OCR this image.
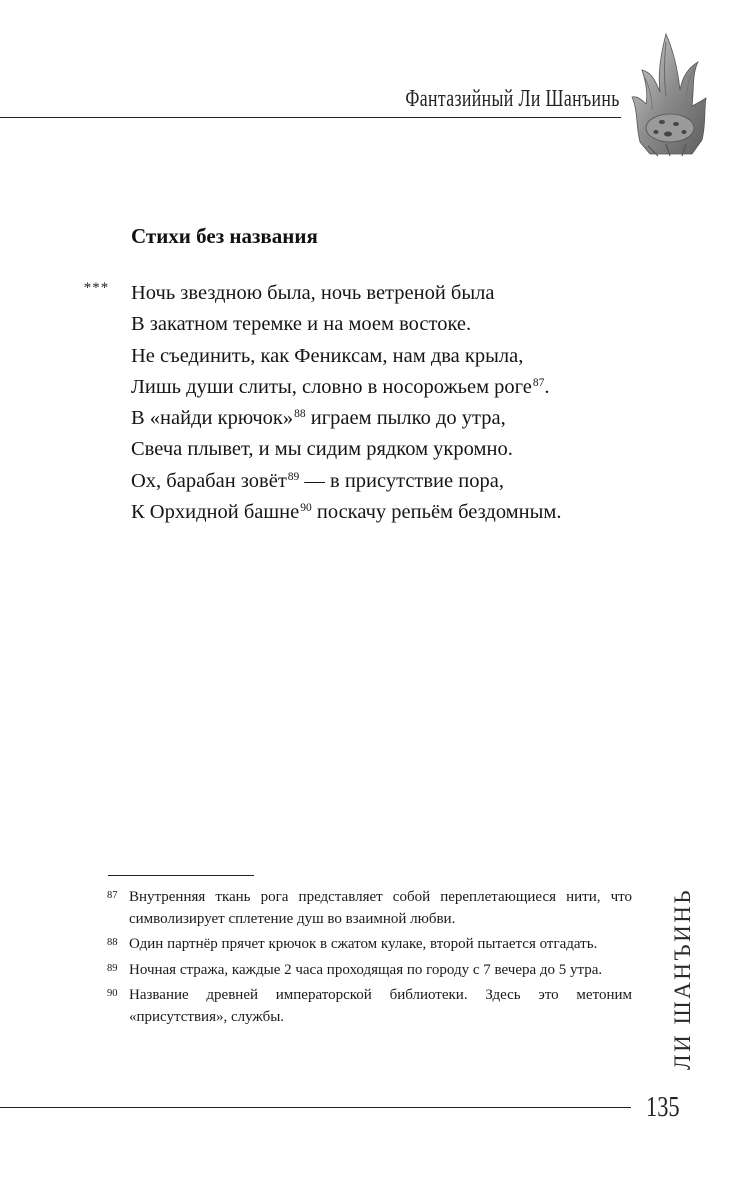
Фантазийный Ли Шанъинь
Стихи без названия
*** Ночь звездною была, ночь ветреной была
В закатном теремке и на моем востоке.
Не съединить, как Фениксам, нам два крыла,
Лишь души слиты, словно в носорожьем роге$^{87}$.
В «найди крючок»$^{88}$ играем пылко до утра,
Свеча плывет, и мы сидим рядком укромно.
Ох, барабан зовёт$^{89}$ — в присутствие пора,
К Орхидной башне$^{90}$ поскачу репьём бездомным.
87 Внутренняя ткань рога представляет собой переплетающиеся нити, что символизирует сплетение душ во взаимной любви.
88 Один партнёр прячет крючок в сжатом кулаке, второй пытается отгадать.
89 Ночная стража, каждые 2 часа проходящая по городу с 7 вечера до 5 утра.
90 Название древней императорской библиотеки. Здесь это метоним «присутствия», службы.	ЛИ ШАНЪИНЬ
135
